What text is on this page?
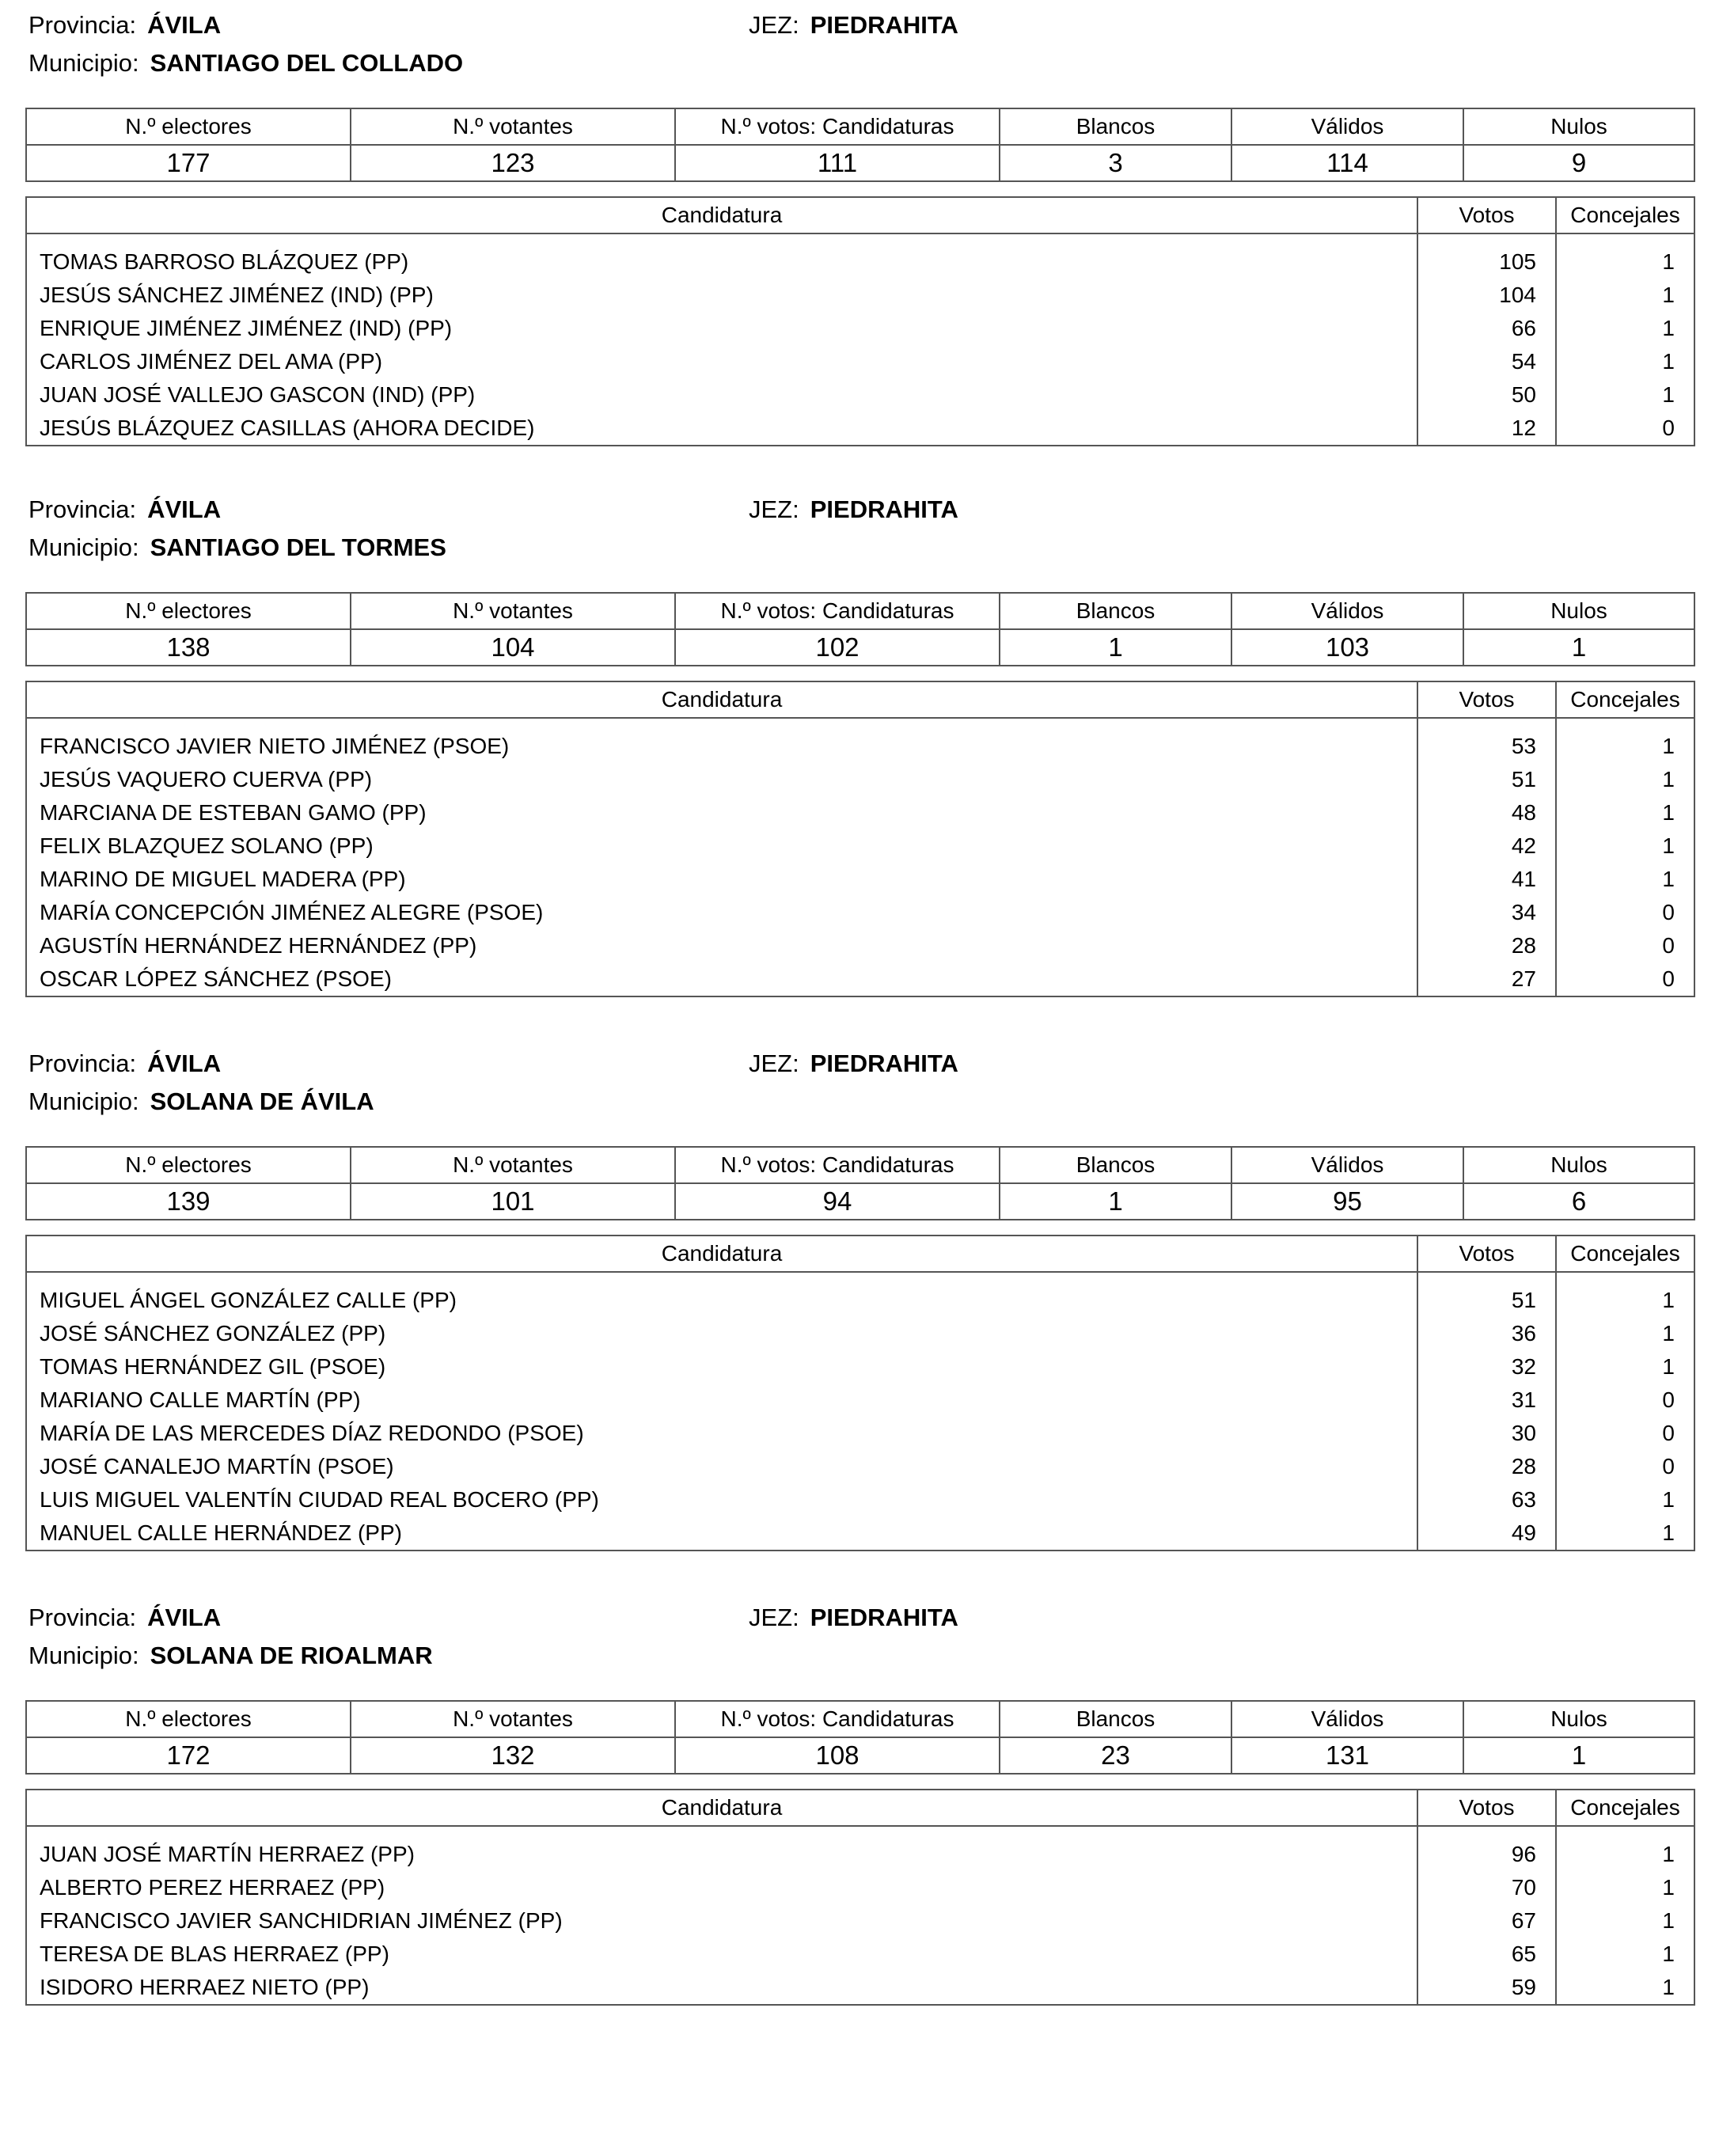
Provincia: ÁVILA	JEZ: PIEDRAHITA
Municipio: SANTIAGO DEL COLLADO
N.º electores	N.º votantes	N.º votos: Candidaturas	Blancos	Válidos	Nulos
177	123	111	3	114	9
Candidatura	Votos	Concejales

TOMAS BARROSO BLÁZQUEZ (PP)	105	1
JESÚS SÁNCHEZ JIMÉNEZ (IND) (PP)	104	1
ENRIQUE JIMÉNEZ JIMÉNEZ (IND) (PP)	66	1
CARLOS JIMÉNEZ DEL AMA (PP)	54	1
JUAN JOSÉ VALLEJO GASCON (IND) (PP)	50	1
JESÚS BLÁZQUEZ CASILLAS (AHORA DECIDE)	12	0
Provincia: ÁVILA	JEZ: PIEDRAHITA
Municipio: SANTIAGO DEL TORMES
N.º electores	N.º votantes	N.º votos: Candidaturas	Blancos	Válidos	Nulos
138	104	102	1	103	1
Candidatura	Votos	Concejales

FRANCISCO JAVIER NIETO JIMÉNEZ (PSOE)	53	1
JESÚS VAQUERO CUERVA (PP)	51	1
MARCIANA DE ESTEBAN GAMO (PP)	48	1
FELIX BLAZQUEZ SOLANO (PP)	42	1
MARINO DE MIGUEL MADERA (PP)	41	1
MARÍA CONCEPCIÓN JIMÉNEZ ALEGRE (PSOE)	34	0
AGUSTÍN HERNÁNDEZ HERNÁNDEZ (PP)	28	0
OSCAR LÓPEZ SÁNCHEZ (PSOE)	27	0
Provincia: ÁVILA	JEZ: PIEDRAHITA
Municipio: SOLANA DE ÁVILA
N.º electores	N.º votantes	N.º votos: Candidaturas	Blancos	Válidos	Nulos
139	101	94	1	95	6
Candidatura	Votos	Concejales

MIGUEL ÁNGEL GONZÁLEZ CALLE (PP)	51	1
JOSÉ SÁNCHEZ GONZÁLEZ (PP)	36	1
TOMAS HERNÁNDEZ GIL (PSOE)	32	1
MARIANO CALLE MARTÍN (PP)	31	0
MARÍA DE LAS MERCEDES DÍAZ REDONDO (PSOE)	30	0
JOSÉ CANALEJO MARTÍN (PSOE)	28	0
LUIS MIGUEL VALENTÍN CIUDAD REAL BOCERO (PP)	63	1
MANUEL CALLE HERNÁNDEZ (PP)	49	1
Provincia: ÁVILA	JEZ: PIEDRAHITA
Municipio: SOLANA DE RIOALMAR
N.º electores	N.º votantes	N.º votos: Candidaturas	Blancos	Válidos	Nulos
172	132	108	23	131	1
Candidatura	Votos	Concejales

JUAN JOSÉ MARTÍN HERRAEZ (PP)	96	1
ALBERTO PEREZ HERRAEZ (PP)	70	1
FRANCISCO JAVIER SANCHIDRIAN JIMÉNEZ (PP)	67	1
TERESA DE BLAS HERRAEZ (PP)	65	1
ISIDORO HERRAEZ NIETO (PP)	59	1
